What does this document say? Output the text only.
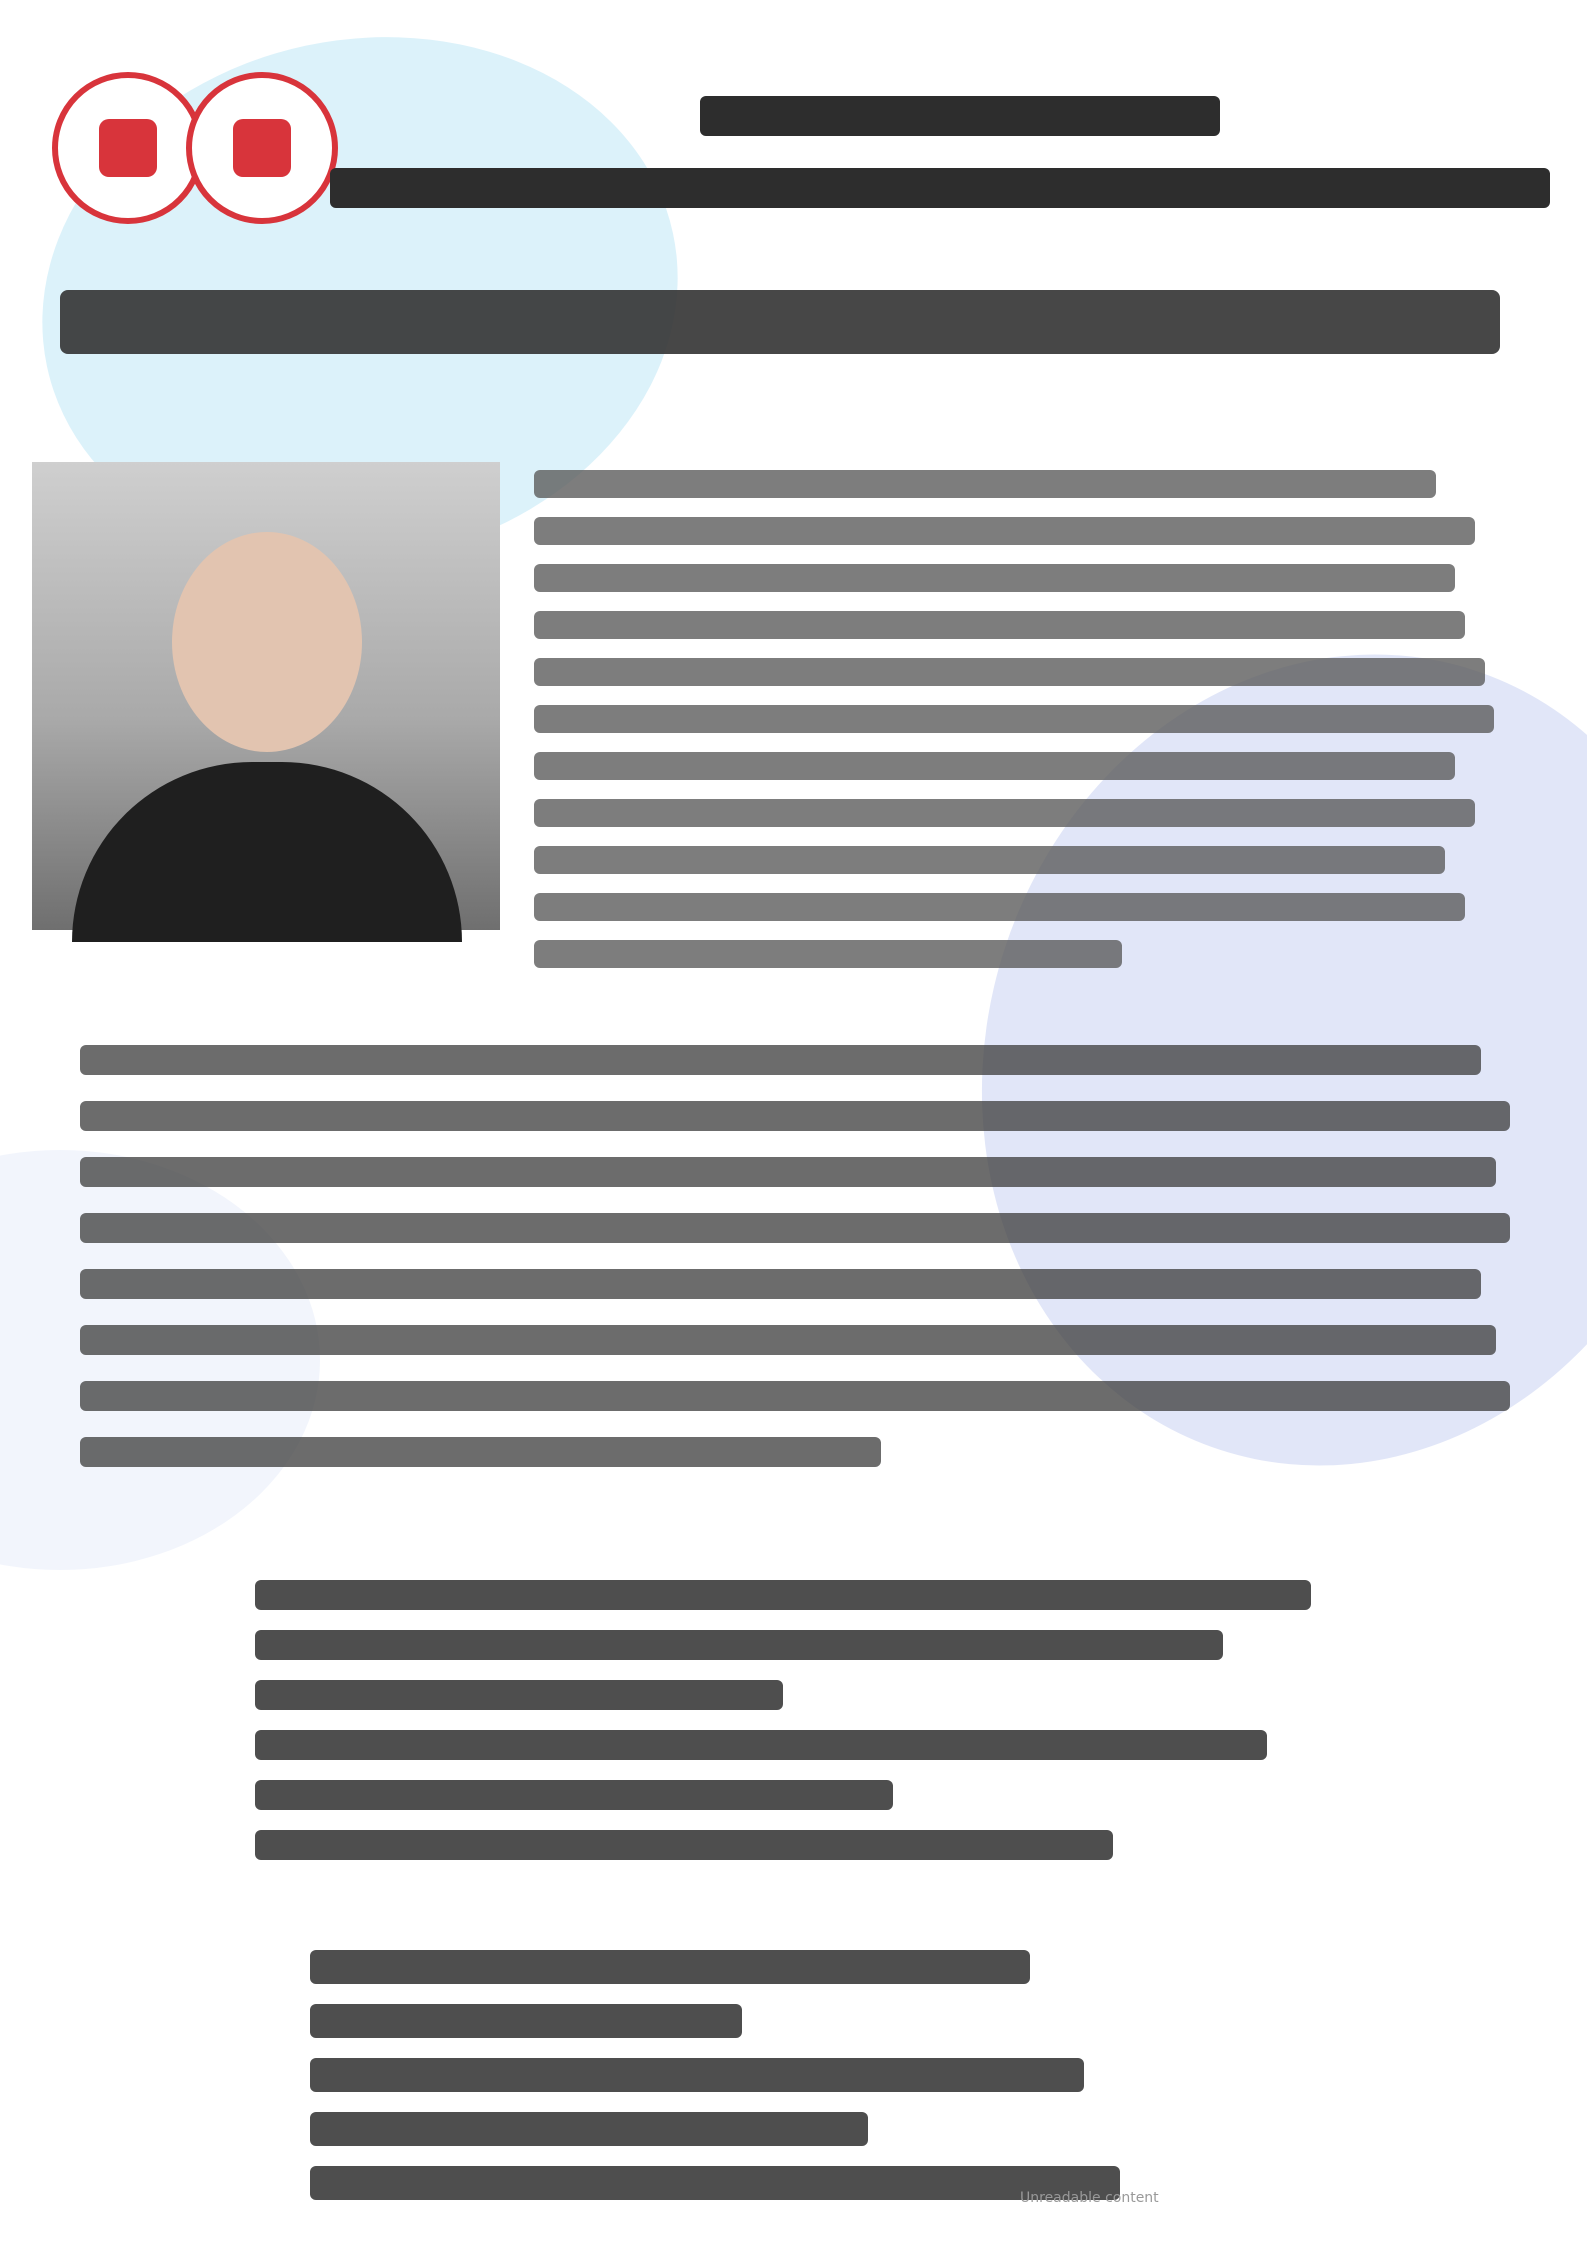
Unreadable content
